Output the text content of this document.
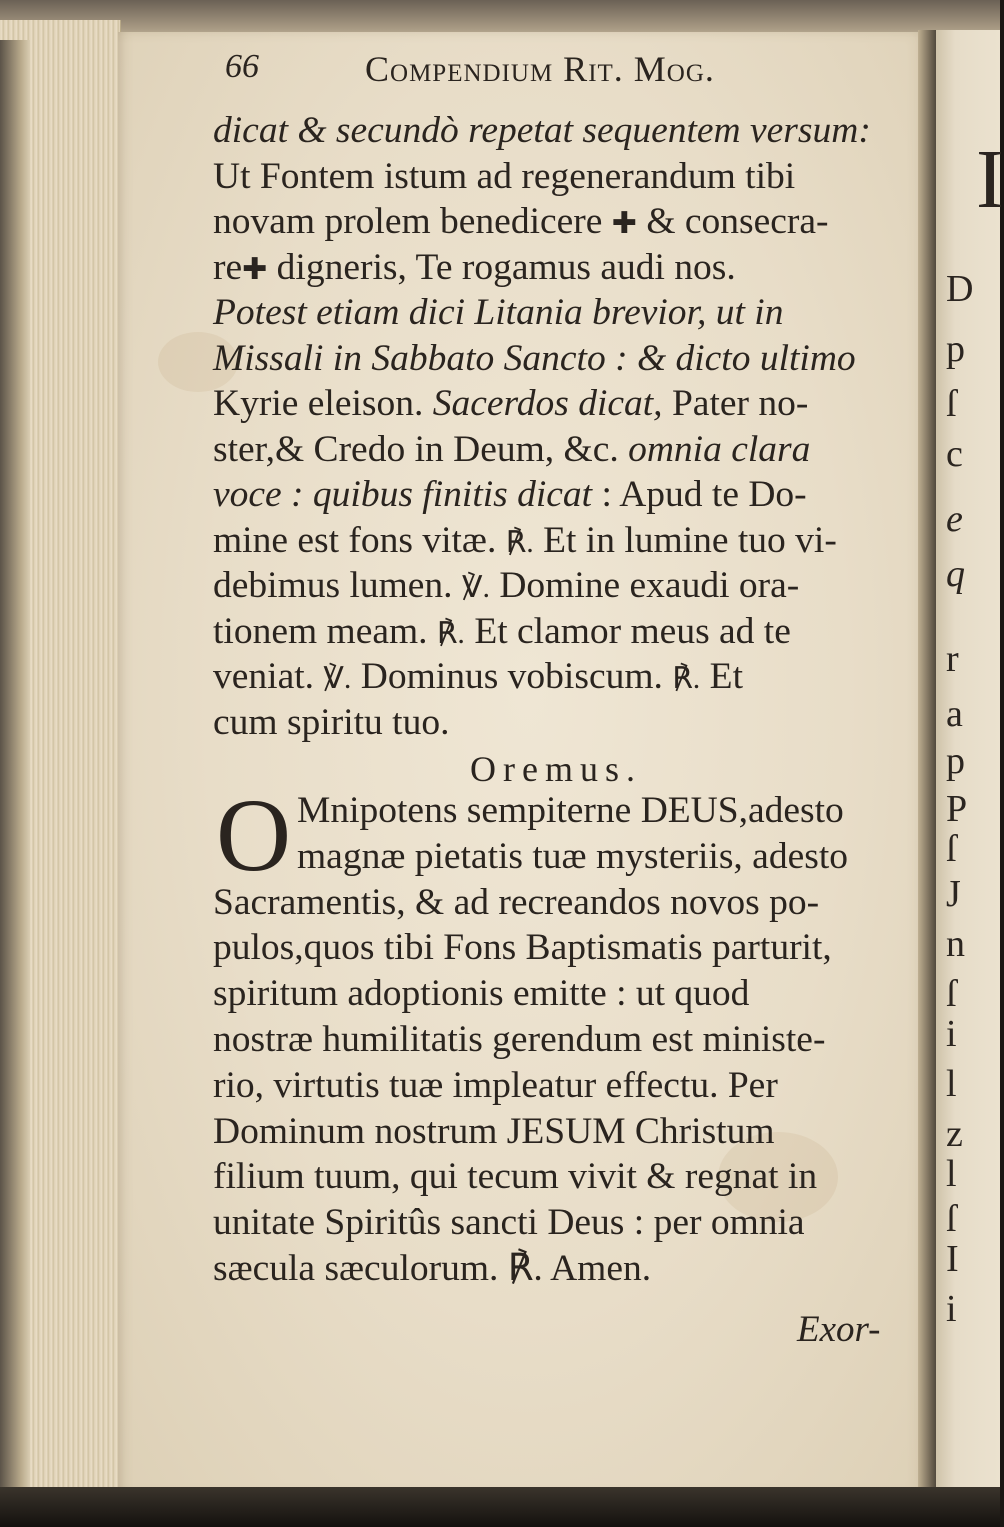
I
D
p
ſ
c
e
q
r
a
p
P
ſ
J
n
ſ
i
l
z
l
ſ
I
i
66	Compendium Rit. Mog.
dicat & secundò repetat sequentem versum:
Ut Fontem istum ad regenerandum tibi
novam prolem benedicere ✚ & consecra-
re✚ digneris, Te rogamus audi nos.
Potest etiam dici Litania brevior, ut in
Missali in Sabbato Sancto : & dicto ultimo
Kyrie eleison. Sacerdos dicat, Pater no-
ster,& Credo in Deum, &c. omnia clara
voce : quibus finitis dicat : Apud te Do-
mine est fons vitæ. ℟. Et in lumine tuo vi-
debimus lumen. ℣. Domine exaudi ora-
tionem meam. ℟. Et clamor meus ad te
veniat. ℣. Dominus vobiscum. ℟. Et
cum spiritu tuo.
Oremus.
O Mnipotens sempiterne DEUS,adesto
magnæ pietatis tuæ mysteriis, adesto
Sacramentis, & ad recreandos novos po-
pulos,quos tibi Fons Baptismatis parturit,
spiritum adoptionis emitte : ut quod
nostræ humilitatis gerendum est ministe-
rio, virtutis tuæ impleatur effectu. Per
Dominum nostrum JESUM Christum
filium tuum, qui tecum vivit & regnat in
unitate Spiritûs sancti Deus : per omnia
sæcula sæculorum. ℟. Amen.
Exor-
